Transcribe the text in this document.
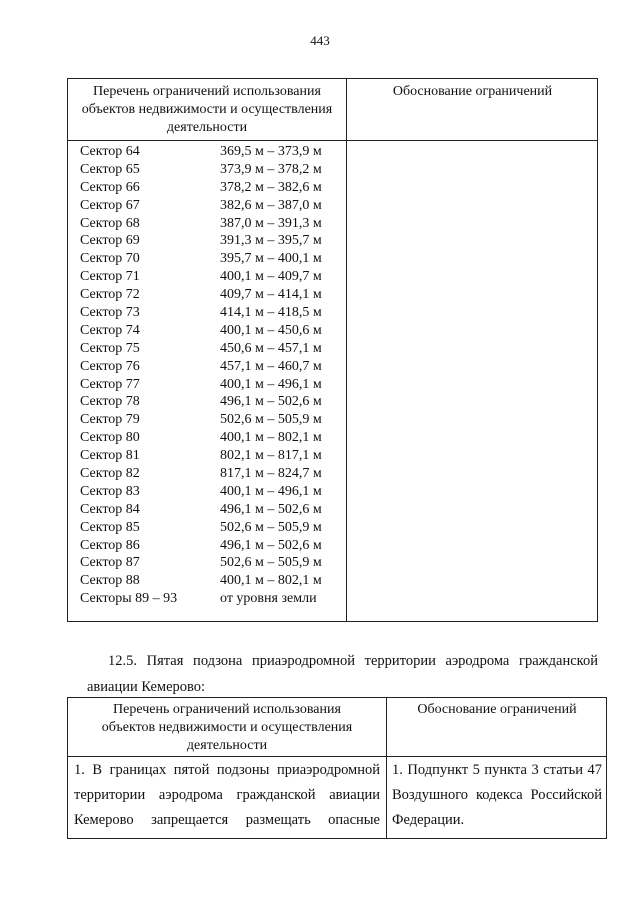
443
Перечень ограничений использования
объектов недвижимости и осуществления
деятельности
Обоснование ограничений
Сектор 64	369,5 м – 373,9 м
Сектор 65	373,9 м – 378,2 м
Сектор 66	378,2 м – 382,6 м
Сектор 67	382,6 м – 387,0 м
Сектор 68	387,0 м – 391,3 м
Сектор 69	391,3 м – 395,7 м
Сектор 70	395,7 м – 400,1 м
Сектор 71	400,1 м – 409,7 м
Сектор 72	409,7 м – 414,1 м
Сектор 73	414,1 м – 418,5 м
Сектор 74	400,1 м – 450,6 м
Сектор 75	450,6 м – 457,1 м
Сектор 76	457,1 м – 460,7 м
Сектор 77	400,1 м – 496,1 м
Сектор 78	496,1 м – 502,6 м
Сектор 79	502,6 м – 505,9 м
Сектор 80	400,1 м – 802,1 м
Сектор 81	802,1 м – 817,1 м
Сектор 82	817,1 м – 824,7 м
Сектор 83	400,1 м – 496,1 м
Сектор 84	496,1 м – 502,6 м
Сектор 85	502,6 м – 505,9 м
Сектор 86	496,1 м – 502,6 м
Сектор 87	502,6 м – 505,9 м
Сектор 88	400,1 м – 802,1 м
Секторы 89 – 93	от уровня земли
12.5. Пятая подзона приаэродромной территории аэродрома гражданской
авиации Кемерово:
Перечень ограничений использования
объектов недвижимости и осуществления
деятельности
Обоснование ограничений
1. В границах пятой подзоны приаэродромной
территории аэродрома гражданской авиации
Кемерово запрещается размещать опасные
1. Подпункт 5 пункта 3 статьи 47
Воздушного кодекса Российской
Федерации.
